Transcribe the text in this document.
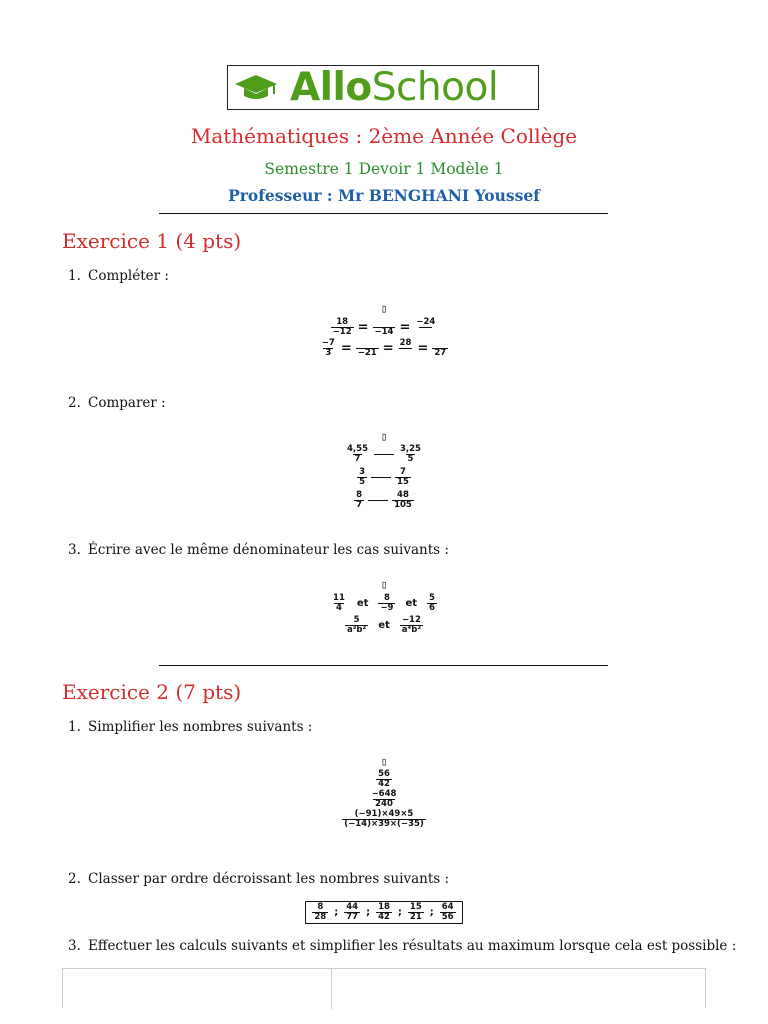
AlloSchool
Mathématiques : 2ème Année Collège
Semestre 1 Devoir 1 Modèle 1
Professeur : Mr BENGHANI Youssef
Exercice 1 (4 pts)
1. Compléter :
▯
$\frac{18}{-12}$ =
−14 = −24

$\frac{-7}{3}$ =
−21 = 28
=
27
2. Comparer :
▯
$\frac{4,55}{7}$	$\frac{3,25}{5}$
$\frac{3}{5}$	$\frac{7}{15}$
$\frac{8}{7}$	$\frac{48}{105}$
3. Écrire avec le même dénominateur les cas suivants :
▯
$\frac{11}{4}$ et $\frac{8}{-9}$ et $\frac{5}{6}$
$\frac{5}{\text{a³b²}}$ et $\frac{-12}{\text{a⁴b²}}$
Exercice 2 (7 pts)
1. Simplifier les nombres suivants :
▯
$\frac{56}{42}$
$\frac{-648}{240}$
$\frac{(-91)\times 49\times 5}{(-14)\times 39\times(-35)}$
2. Classer par ordre décroissant les nombres suivants :
$\frac{8}{28}$ ; $\frac{44}{77}$ ; $\frac{18}{42}$ ; $\frac{15}{21}$ ; $\frac{64}{56}$
3. Effectuer les calculs suivants et simplifier les résultats au maximum lorsque cela est possible :
